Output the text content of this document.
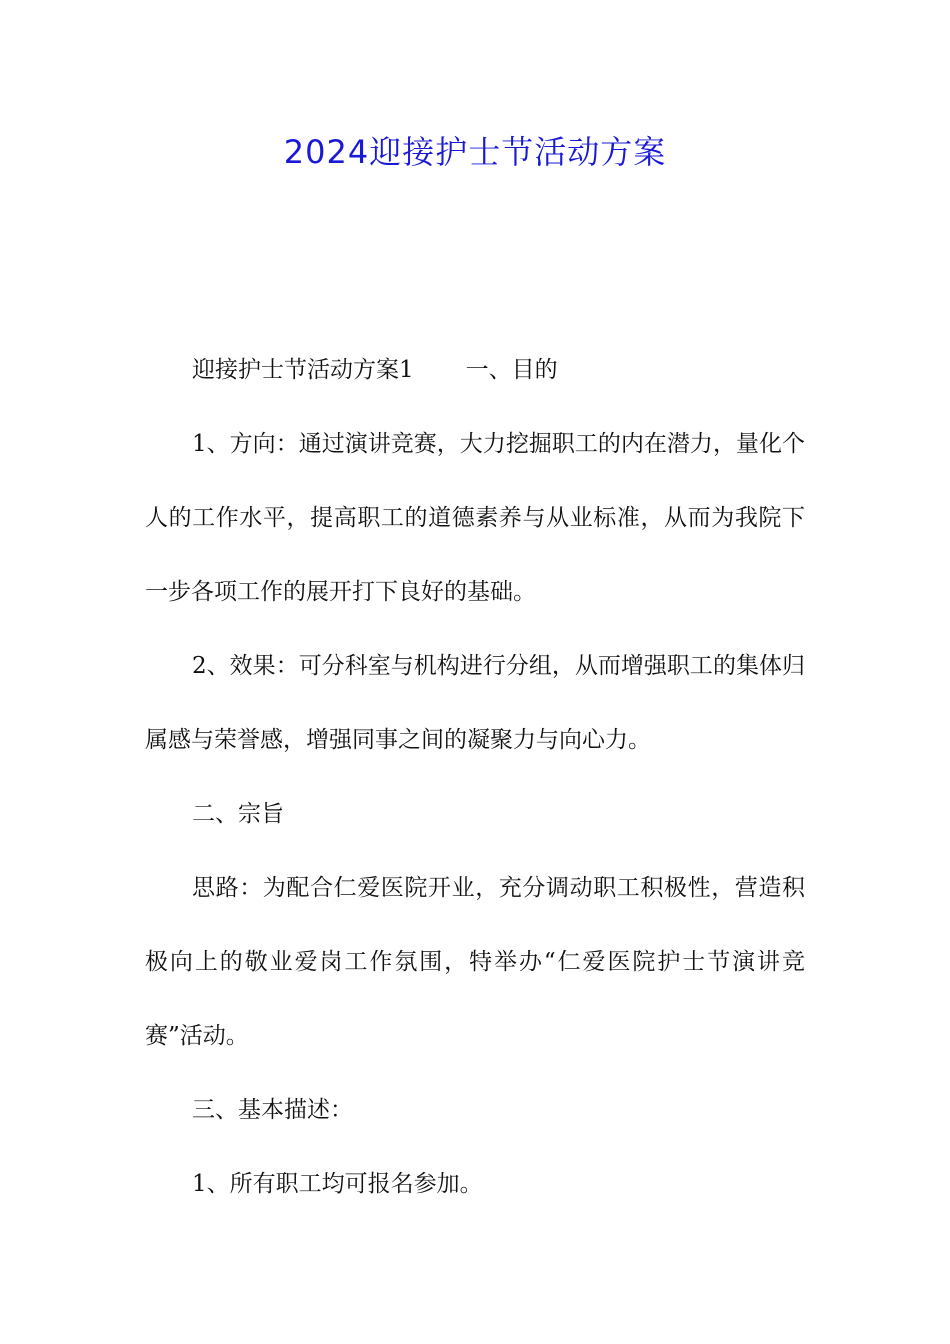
2024迎接护士节活动方案

迎接护士节活动方案1 一、目的

1、方向：通过演讲竞赛，大力挖掘职工的内在潜力，量化个人的工作水平，提高职工的道德素养与从业标准，从而为我院下一步各项工作的展开打下良好的基础。

2、效果：可分科室与机构进行分组，从而增强职工的集体归属感与荣誉感，增强同事之间的凝聚力与向心力。

二、宗旨

思路：为配合仁爱医院开业，充分调动职工积极性，营造积极向上的敬业爱岗工作氛围，特举办“仁爱医院护士节演讲竞赛”活动。

三、基本描述：

1、所有职工均可报名参加。
